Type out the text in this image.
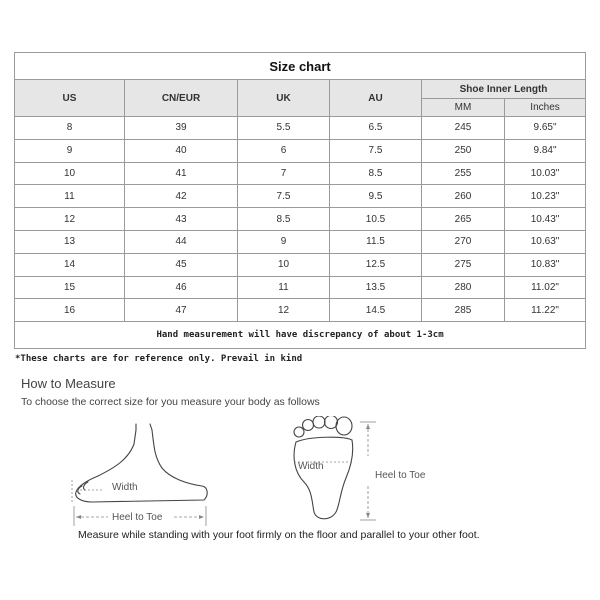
Size chart					
US	CN/EUR	UK	AU	Shoe Inner Length	
				MM	Inches
8	39	5.5	6.5	245	9.65"
9	40	6	7.5	250	9.84"
10	41	7	8.5	255	10.03"
11	42	7.5	9.5	260	10.23"
12	43	8.5	10.5	265	10.43"
13	44	9	11.5	270	10.63"
14	45	10	12.5	275	10.83"
15	46	11	13.5	280	11.02"
16	47	12	14.5	285	11.22"
Hand measurement will have discrepancy of about 1-3cm					
*These charts are for reference only. Prevail in kind
How to Measure
To choose the correct size for you measure your body as follows
Width
Heel to Toe
Width
Heel to Toe
Measure while standing with your foot firmly on the floor and parallel to your other foot.
